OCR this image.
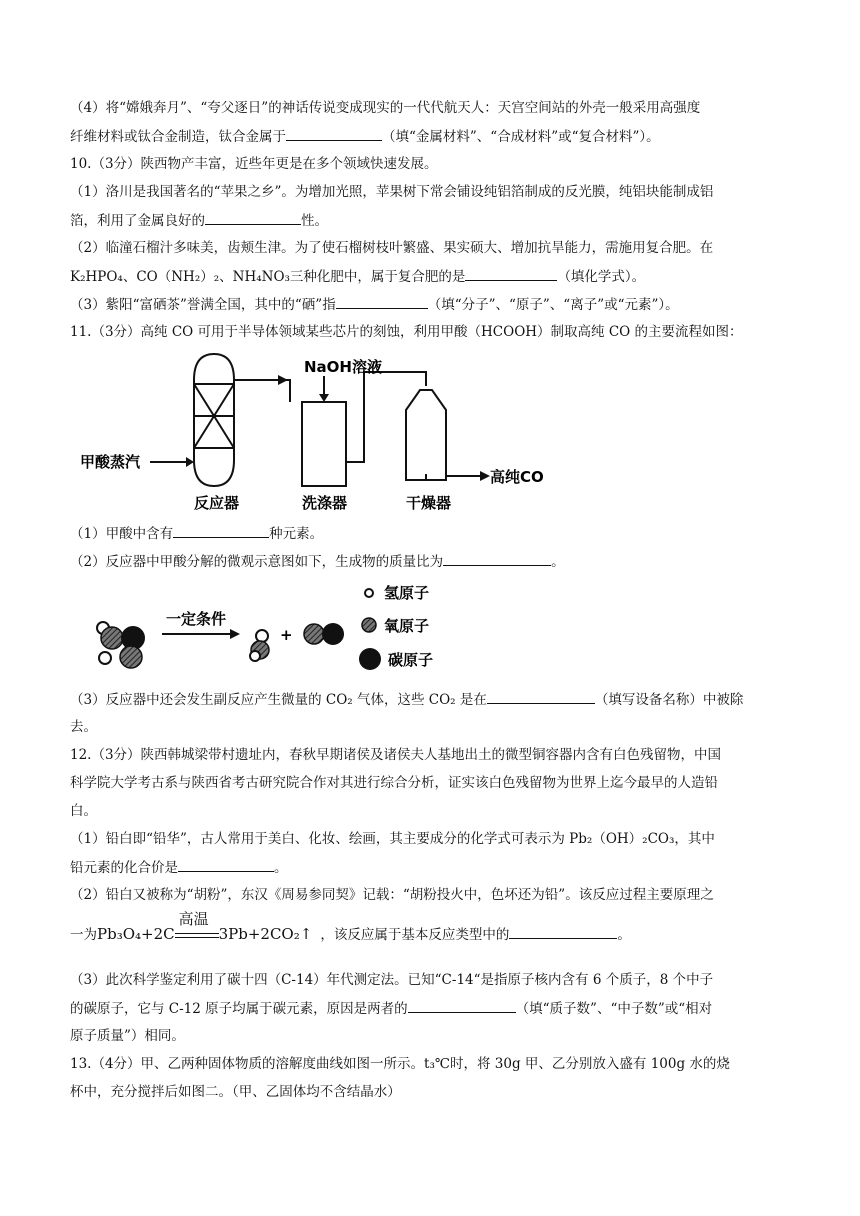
（4）将“嫦娥奔月”、“夸父逐日”的神话传说变成现实的一代代航天人：天宫空间站的外壳一般采用高强度
纤维材料或钛合金制造，钛合金属于	（填“金属材料”、“合成材料”或“复合材料”）。
10.（3分）陕西物产丰富，近些年更是在多个领域快速发展。
（1）洛川是我国著名的“苹果之乡”。为增加光照，苹果树下常会铺设纯铝箔制成的反光膜，纯铝块能制成铝
箔，利用了金属良好的	性。
（2）临潼石榴汁多味美，齿颊生津。为了使石榴树枝叶繁盛、果实硕大、增加抗旱能力，需施用复合肥。在
K₂HPO₄、CO（NH₂）₂、NH₄NO₃三种化肥中，属于复合肥的是	（填化学式）。
（3）紫阳“富硒茶”誉满全国，其中的“硒”指	（填“分子”、“原子”、“离子”或“元素”）。
11.（3分）高纯 CO 可用于半导体领域某些芯片的刻蚀，利用甲酸（HCOOH）制取高纯 CO 的主要流程如图：
甲酸蒸汽
反应器
NaOH溶液
洗涤器	干燥器
高纯CO
（1）甲酸中含有	种元素。
（2）反应器中甲酸分解的微观示意图如下，生成物的质量比为	。
一定条件
+
氢原子
氧原子
碳原子
（3）反应器中还会发生副反应产生微量的 CO₂ 气体，这些 CO₂ 是在	（填写设备名称）中被除
去。
12.（3分）陕西韩城梁带村遗址内，春秋早期诸侯及诸侯夫人基地出土的微型铜容器内含有白色残留物，中国
科学院大学考古系与陕西省考古研究院合作对其进行综合分析，证实该白色残留物为世界上迄今最早的人造铅
白。
（1）铅白即“铅华”，古人常用于美白、化妆、绘画，其主要成分的化学式可表示为 Pb₂（OH）₂CO₃，其中
铅元素的化合价是	。
（2）铅白又被称为“胡粉”，东汉《周易参同契》记载：“胡粉投火中，色坏还为铅”。该反应过程主要原理之
一为Pb₃O₄+2C
高温
3Pb+2CO₂↑ ，该反应属于基本反应类型中的	。
（3）此次科学鉴定利用了碳十四（C-14）年代测定法。已知“C-14“是指原子核内含有 6 个质子，8 个中子
的碳原子，它与 C-12 原子均属于碳元素，原因是两者的	（填“质子数”、“中子数”或“相对
原子质量”）相同。
13.（4分）甲、乙两种固体物质的溶解度曲线如图一所示。t₃℃时，将 30g 甲、乙分别放入盛有 100g 水的烧
杯中，充分搅拌后如图二。（甲、乙固体均不含结晶水）
